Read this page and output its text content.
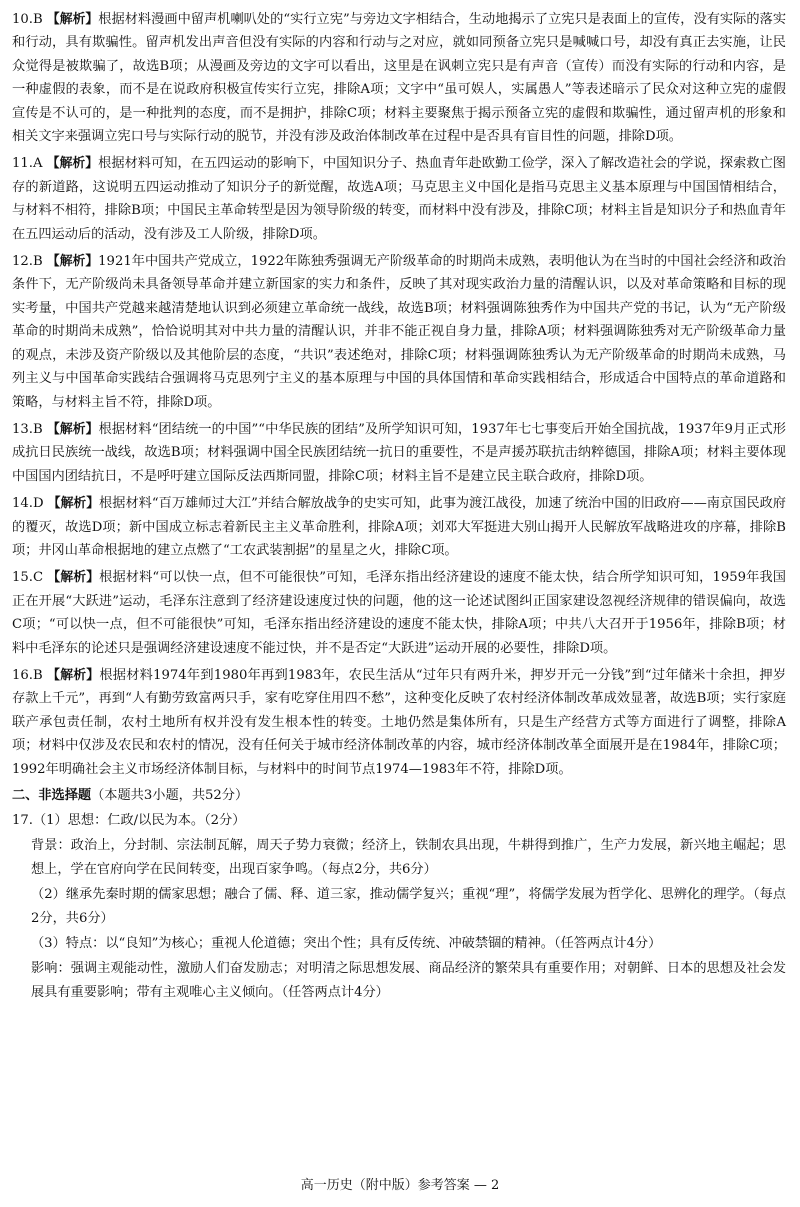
10.B 【解析】根据材料漫画中留声机喇叭处的“实行立宪”与旁边文字相结合，生动地揭示了立宪只是表面上的宣传，没有实际的落实和行动，具有欺骗性。留声机发出声音但没有实际的内容和行动与之对应，就如同预备立宪只是喊喊口号，却没有真正去实施，让民众觉得是被欺骗了，故选B项；从漫画及旁边的文字可以看出，这里是在讽刺立宪只是有声音（宣传）而没有实际的行动和内容，是一种虚假的表象，而不是在说政府积极宣传实行立宪，排除A项；文字中“虽可娱人，实属愚人”等表述暗示了民众对这种立宪的虚假宣传是不认可的，是一种批判的态度，而不是拥护，排除C项；材料主要聚焦于揭示预备立宪的虚假和欺骗性，通过留声机的形象和相关文字来强调立宪口号与实际行动的脱节，并没有涉及政治体制改革在过程中是否具有盲目性的问题，排除D项。

11.A 【解析】根据材料可知，在五四运动的影响下，中国知识分子、热血青年赴欧勤工俭学，深入了解改造社会的学说，探索救亡图存的新道路，这说明五四运动推动了知识分子的新觉醒，故选A项；马克思主义中国化是指马克思主义基本原理与中国国情相结合，与材料不相符，排除B项；中国民主革命转型是因为领导阶级的转变，而材料中没有涉及，排除C项；材料主旨是知识分子和热血青年在五四运动后的活动，没有涉及工人阶级，排除D项。

12.B 【解析】1921年中国共产党成立，1922年陈独秀强调无产阶级革命的时期尚未成熟，表明他认为在当时的中国社会经济和政治条件下，无产阶级尚未具备领导革命并建立新国家的实力和条件，反映了其对现实政治力量的清醒认识，以及对革命策略和目标的现实考量，中国共产党越来越清楚地认识到必须建立革命统一战线，故选B项；材料强调陈独秀作为中国共产党的书记，认为“无产阶级革命的时期尚未成熟”，恰恰说明其对中共力量的清醒认识，并非不能正视自身力量，排除A项；材料强调陈独秀对无产阶级革命力量的观点，未涉及资产阶级以及其他阶层的态度，“共识”表述绝对，排除C项；材料强调陈独秀认为无产阶级革命的时期尚未成熟，马列主义与中国革命实践结合强调将马克思列宁主义的基本原理与中国的具体国情和革命实践相结合，形成适合中国特点的革命道路和策略，与材料主旨不符，排除D项。

13.B 【解析】根据材料“团结统一的中国”“中华民族的团结”及所学知识可知，1937年七七事变后开始全国抗战，1937年9月正式形成抗日民族统一战线，故选B项；材料强调中国全民族团结统一抗日的重要性，不是声援苏联抗击纳粹德国，排除A项；材料主要体现中国国内团结抗日，不是呼吁建立国际反法西斯同盟，排除C项；材料主旨不是建立民主联合政府，排除D项。

14.D 【解析】根据材料“百万雄师过大江”并结合解放战争的史实可知，此事为渡江战役，加速了统治中国的旧政府——南京国民政府的覆灭，故选D项；新中国成立标志着新民主主义革命胜利，排除A项；刘邓大军挺进大别山揭开人民解放军战略进攻的序幕，排除B项；井冈山革命根据地的建立点燃了“工农武装割据”的星星之火，排除C项。

15.C 【解析】根据材料“可以快一点，但不可能很快”可知，毛泽东指出经济建设的速度不能太快，结合所学知识可知，1959年我国正在开展“大跃进”运动，毛泽东注意到了经济建设速度过快的问题，他的这一论述试图纠正国家建设忽视经济规律的错误偏向，故选C项；“可以快一点，但不可能很快”可知，毛泽东指出经济建设的速度不能太快，排除A项；中共八大召开于1956年，排除B项；材料中毛泽东的论述只是强调经济建设速度不能过快，并不是否定“大跃进”运动开展的必要性，排除D项。

16.B 【解析】根据材料1974年到1980年再到1983年，农民生活从“过年只有两升米，押岁开元一分钱”到“过年储米十余担，押岁存款上千元”，再到“人有勤劳致富两只手，家有吃穿住用四不愁”，这种变化反映了农村经济体制改革成效显著，故选B项；实行家庭联产承包责任制，农村土地所有权并没有发生根本性的转变。土地仍然是集体所有，只是生产经营方式等方面进行了调整，排除A项；材料中仅涉及农民和农村的情况，没有任何关于城市经济体制改革的内容，城市经济体制改革全面展开是在1984年，排除C项；1992年明确社会主义市场经济体制目标，与材料中的时间节点1974—1983年不符，排除D项。

二、非选择题（本题共3小题，共52分）

17.（1）思想：仁政/以民为本。（2分）

背景：政治上，分封制、宗法制瓦解，周天子势力衰微；经济上，铁制农具出现，牛耕得到推广，生产力发展，新兴地主崛起；思想上，学在官府向学在民间转变，出现百家争鸣。（每点2分，共6分）

（2）继承先秦时期的儒家思想；融合了儒、释、道三家，推动儒学复兴；重视“理”，将儒学发展为哲学化、思辨化的理学。（每点2分，共6分）

（3）特点：以“良知”为核心；重视人伦道德；突出个性；具有反传统、冲破禁锢的精神。（任答两点计4分）

影响：强调主观能动性，激励人们奋发励志；对明清之际思想发展、商品经济的繁荣具有重要作用；对朝鲜、日本的思想及社会发展具有重要影响；带有主观唯心主义倾向。（任答两点计4分）

高一历史（附中版）参考答案 — 2
